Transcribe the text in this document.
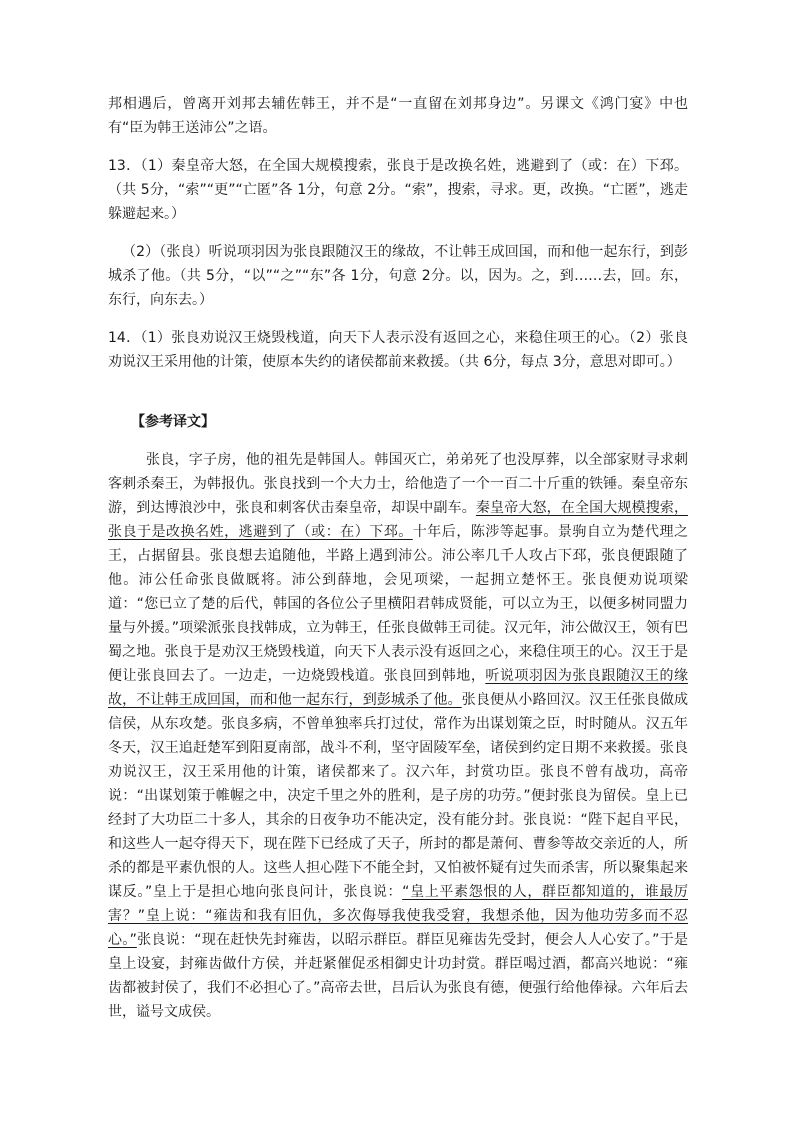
邦相遇后，曾离开刘邦去辅佐韩王，并不是“一直留在刘邦身边”。另课文《鸿门宴》中也有“臣为韩王送沛公”之语。

13．（1）秦皇帝大怒，在全国大规模搜索，张良于是改换名姓，逃避到了（或：在）下邳。（共 5分，“索”“更”“亡匿”各 1分，句意 2分。“索”，搜索，寻求。更，改换。“亡匿”，逃走躲避起来。）

（2）（张良）听说项羽因为张良跟随汉王的缘故，不让韩王成回国，而和他一起东行，到彭城杀了他。（共 5分，“以”“之”“东”各 1分，句意 2分。以，因为。之，到……去，回。东，东行，向东去。）

14．（1）张良劝说汉王烧毁栈道，向天下人表示没有返回之心，来稳住项王的心。（2）张良劝说汉王采用他的计策，使原本失约的诸侯都前来救援。（共 6分，每点 3分，意思对即可。）

【参考译文】

张良，字子房，他的祖先是韩国人。韩国灭亡，弟弟死了也没厚葬，以全部家财寻求刺客刺杀秦王，为韩报仇。张良找到一个大力士，给他造了一个一百二十斤重的铁锤。秦皇帝东游，到达博浪沙中，张良和刺客伏击秦皇帝，却误中副车。秦皇帝大怒，在全国大规模搜索，张良于是改换名姓，逃避到了（或：在）下邳。十年后，陈涉等起事。景驹自立为楚代理之王，占据留县。张良想去追随他，半路上遇到沛公。沛公率几千人攻占下邳，张良便跟随了他。沛公任命张良做厩将。沛公到薛地，会见项梁，一起拥立楚怀王。张良便劝说项梁道：“您已立了楚的后代，韩国的各位公子里横阳君韩成贤能，可以立为王，以便多树同盟力量与外援。”项梁派张良找韩成，立为韩王，任张良做韩王司徒。汉元年，沛公做汉王，领有巴蜀之地。张良于是劝汉王烧毁栈道，向天下人表示没有返回之心，来稳住项王的心。汉王于是便让张良回去了。一边走，一边烧毁栈道。张良回到韩地，听说项羽因为张良跟随汉王的缘故，不让韩王成回国，而和他一起东行，到彭城杀了他。张良便从小路回汉。汉王任张良做成信侯，从东攻楚。张良多病，不曾单独率兵打过仗，常作为出谋划策之臣，时时随从。汉五年冬天，汉王追赶楚军到阳夏南部，战斗不利，坚守固陵军垒，诸侯到约定日期不来救援。张良劝说汉王，汉王采用他的计策，诸侯都来了。汉六年，封赏功臣。张良不曾有战功，高帝说：“出谋划策于帷幄之中，决定千里之外的胜利，是子房的功劳。”便封张良为留侯。皇上已经封了大功臣二十多人，其余的日夜争功不能决定，没有能分封。张良说：“陛下起自平民，和这些人一起夺得天下，现在陛下已经成了天子，所封的都是萧何、曹参等故交亲近的人，所杀的都是平素仇恨的人。这些人担心陛下不能全封，又怕被怀疑有过失而杀害，所以聚集起来谋反。”皇上于是担心地向张良问计，张良说：“皇上平素怨恨的人，群臣都知道的，谁最厉害？”皇上说：“雍齿和我有旧仇，多次侮辱我使我受窘，我想杀他，因为他功劳多而不忍心。”张良说：“现在赶快先封雍齿，以昭示群臣。群臣见雍齿先受封，便会人人心安了。”于是皇上设宴，封雍齿做什方侯，并赶紧催促丞相御史计功封赏。群臣喝过酒，都高兴地说：“雍齿都被封侯了，我们不必担心了。”高帝去世，吕后认为张良有德，便强行给他俸禄。六年后去世，谥号文成侯。
